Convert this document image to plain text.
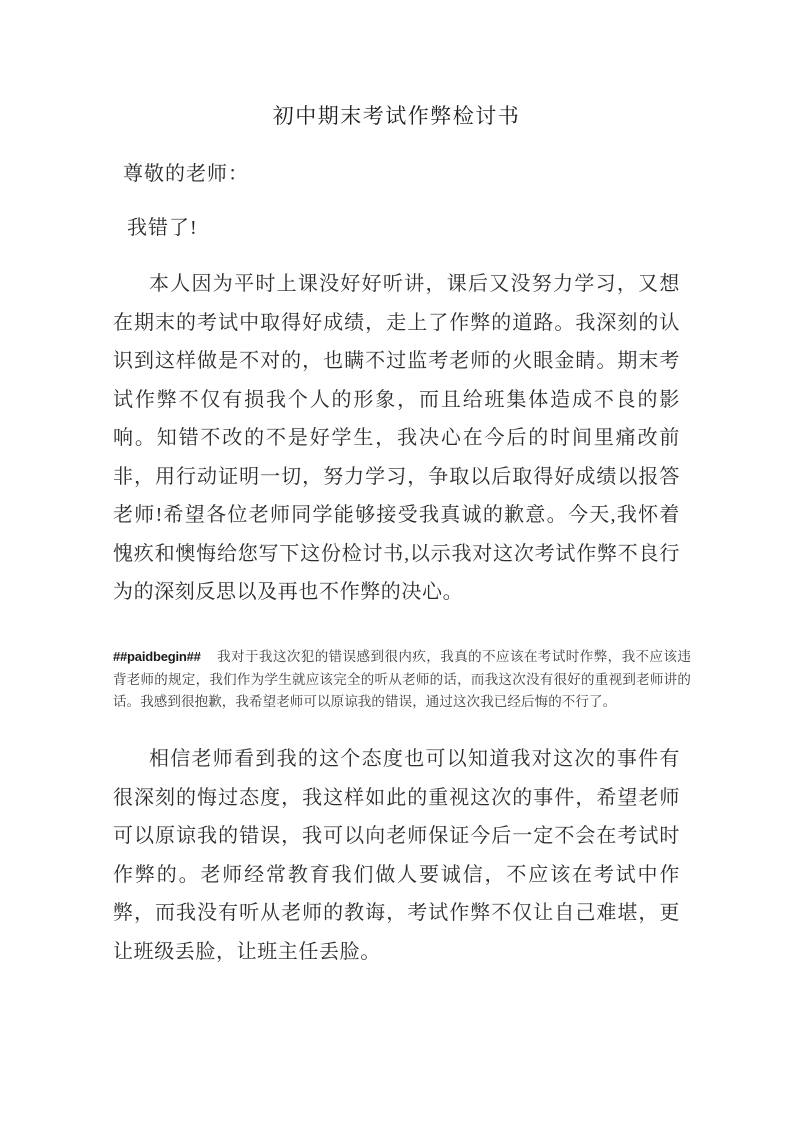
初中期末考试作弊检讨书

尊敬的老师：

我错了!

本人因为平时上课没好好听讲，课后又没努力学习，又想在期末的考试中取得好成绩，走上了作弊的道路。我深刻的认识到这样做是不对的，也瞒不过监考老师的火眼金睛。期末考试作弊不仅有损我个人的形象，而且给班集体造成不良的影响。知错不改的不是好学生，我决心在今后的时间里痛改前非，用行动证明一切，努力学习，争取以后取得好成绩以报答老师!希望各位老师同学能够接受我真诚的歉意。今天,我怀着愧疚和懊悔给您写下这份检讨书,以示我对这次考试作弊不良行为的深刻反思以及再也不作弊的决心。

##paidbegin## 我对于我这次犯的错误感到很内疚，我真的不应该在考试时作弊，我不应该违背老师的规定，我们作为学生就应该完全的听从老师的话，而我这次没有很好的重视到老师讲的话。我感到很抱歉，我希望老师可以原谅我的错误，通过这次我已经后悔的不行了。

相信老师看到我的这个态度也可以知道我对这次的事件有很深刻的悔过态度，我这样如此的重视这次的事件，希望老师可以原谅我的错误，我可以向老师保证今后一定不会在考试时作弊的。老师经常教育我们做人要诚信，不应该在考试中作弊，而我没有听从老师的教诲，考试作弊不仅让自己难堪，更让班级丢脸，让班主任丢脸。
